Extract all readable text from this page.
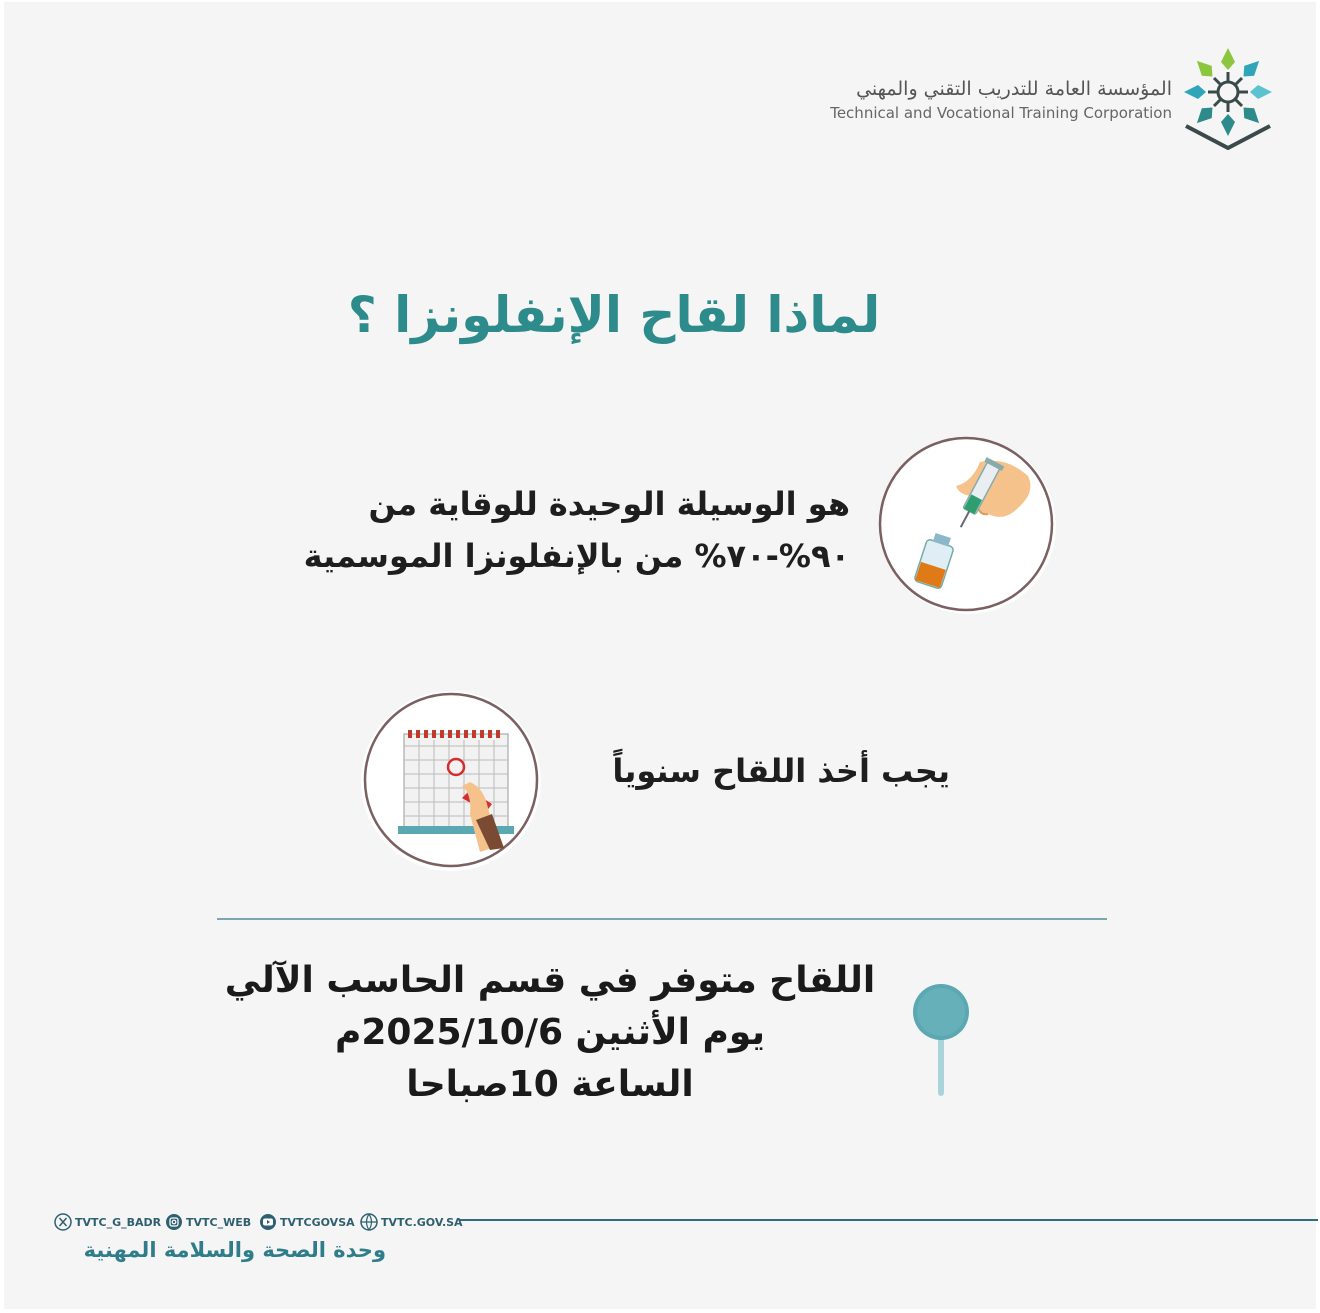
المؤسسة العامة للتدريب التقني والمهني
Technical and Vocational Training Corporation
لماذا لقاح الإنفلونزا ؟
هو الوسيلة الوحيدة للوقاية من
٩٠%-٧٠% من بالإنفلونزا الموسمية
يجب أخذ اللقاح سنوياً
اللقاح متوفر في قسم الحاسب الآلي
يوم الأثنين 2025/10/6م
الساعة 10صباحا
TVTC_G_BADR TVTC_WEB	TVTCGOVSA TVTC.GOV.SA
وحدة الصحة والسلامة المهنية
